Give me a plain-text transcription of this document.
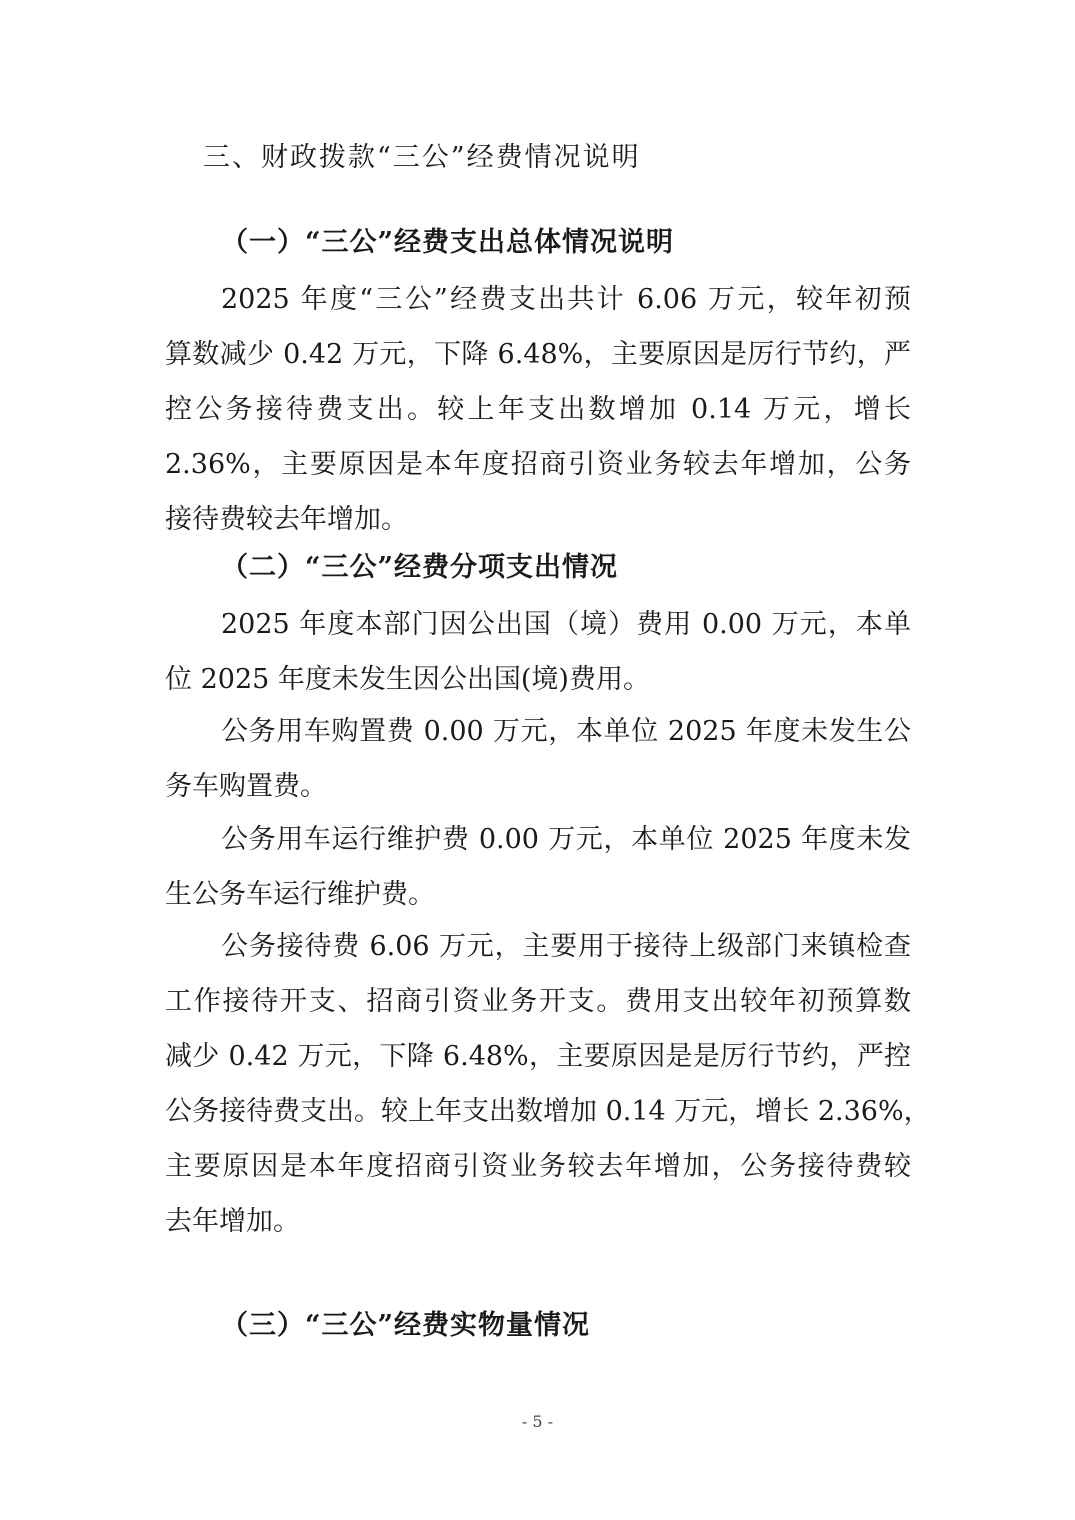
三、财政拨款“三公”经费情况说明
（一）“三公”经费支出总体情况说明
2025 年度“三公”经费支出共计 6.06 万元，较年初预
算数减少 0.42 万元，下降 6.48%，主要原因是厉行节约，严
控公务接待费支出。较上年支出数增加 0.14 万元，增长
2.36%，主要原因是本年度招商引资业务较去年增加，公务
接待费较去年增加。
（二）“三公”经费分项支出情况
2025 年度本部门因公出国（境）费用 0.00 万元，本单
位 2025 年度未发生因公出国(境)费用。
公务用车购置费 0.00 万元，本单位 2025 年度未发生公
务车购置费。
公务用车运行维护费 0.00 万元，本单位 2025 年度未发
生公务车运行维护费。
公务接待费 6.06 万元，主要用于接待上级部门来镇检查
工作接待开支、招商引资业务开支。费用支出较年初预算数
减少 0.42 万元，下降 6.48%，主要原因是是厉行节约，严控
公务接待费支出。较上年支出数增加 0.14 万元，增长 2.36%，
主要原因是本年度招商引资业务较去年增加，公务接待费较
去年增加。
（三）“三公”经费实物量情况
- 5 -
